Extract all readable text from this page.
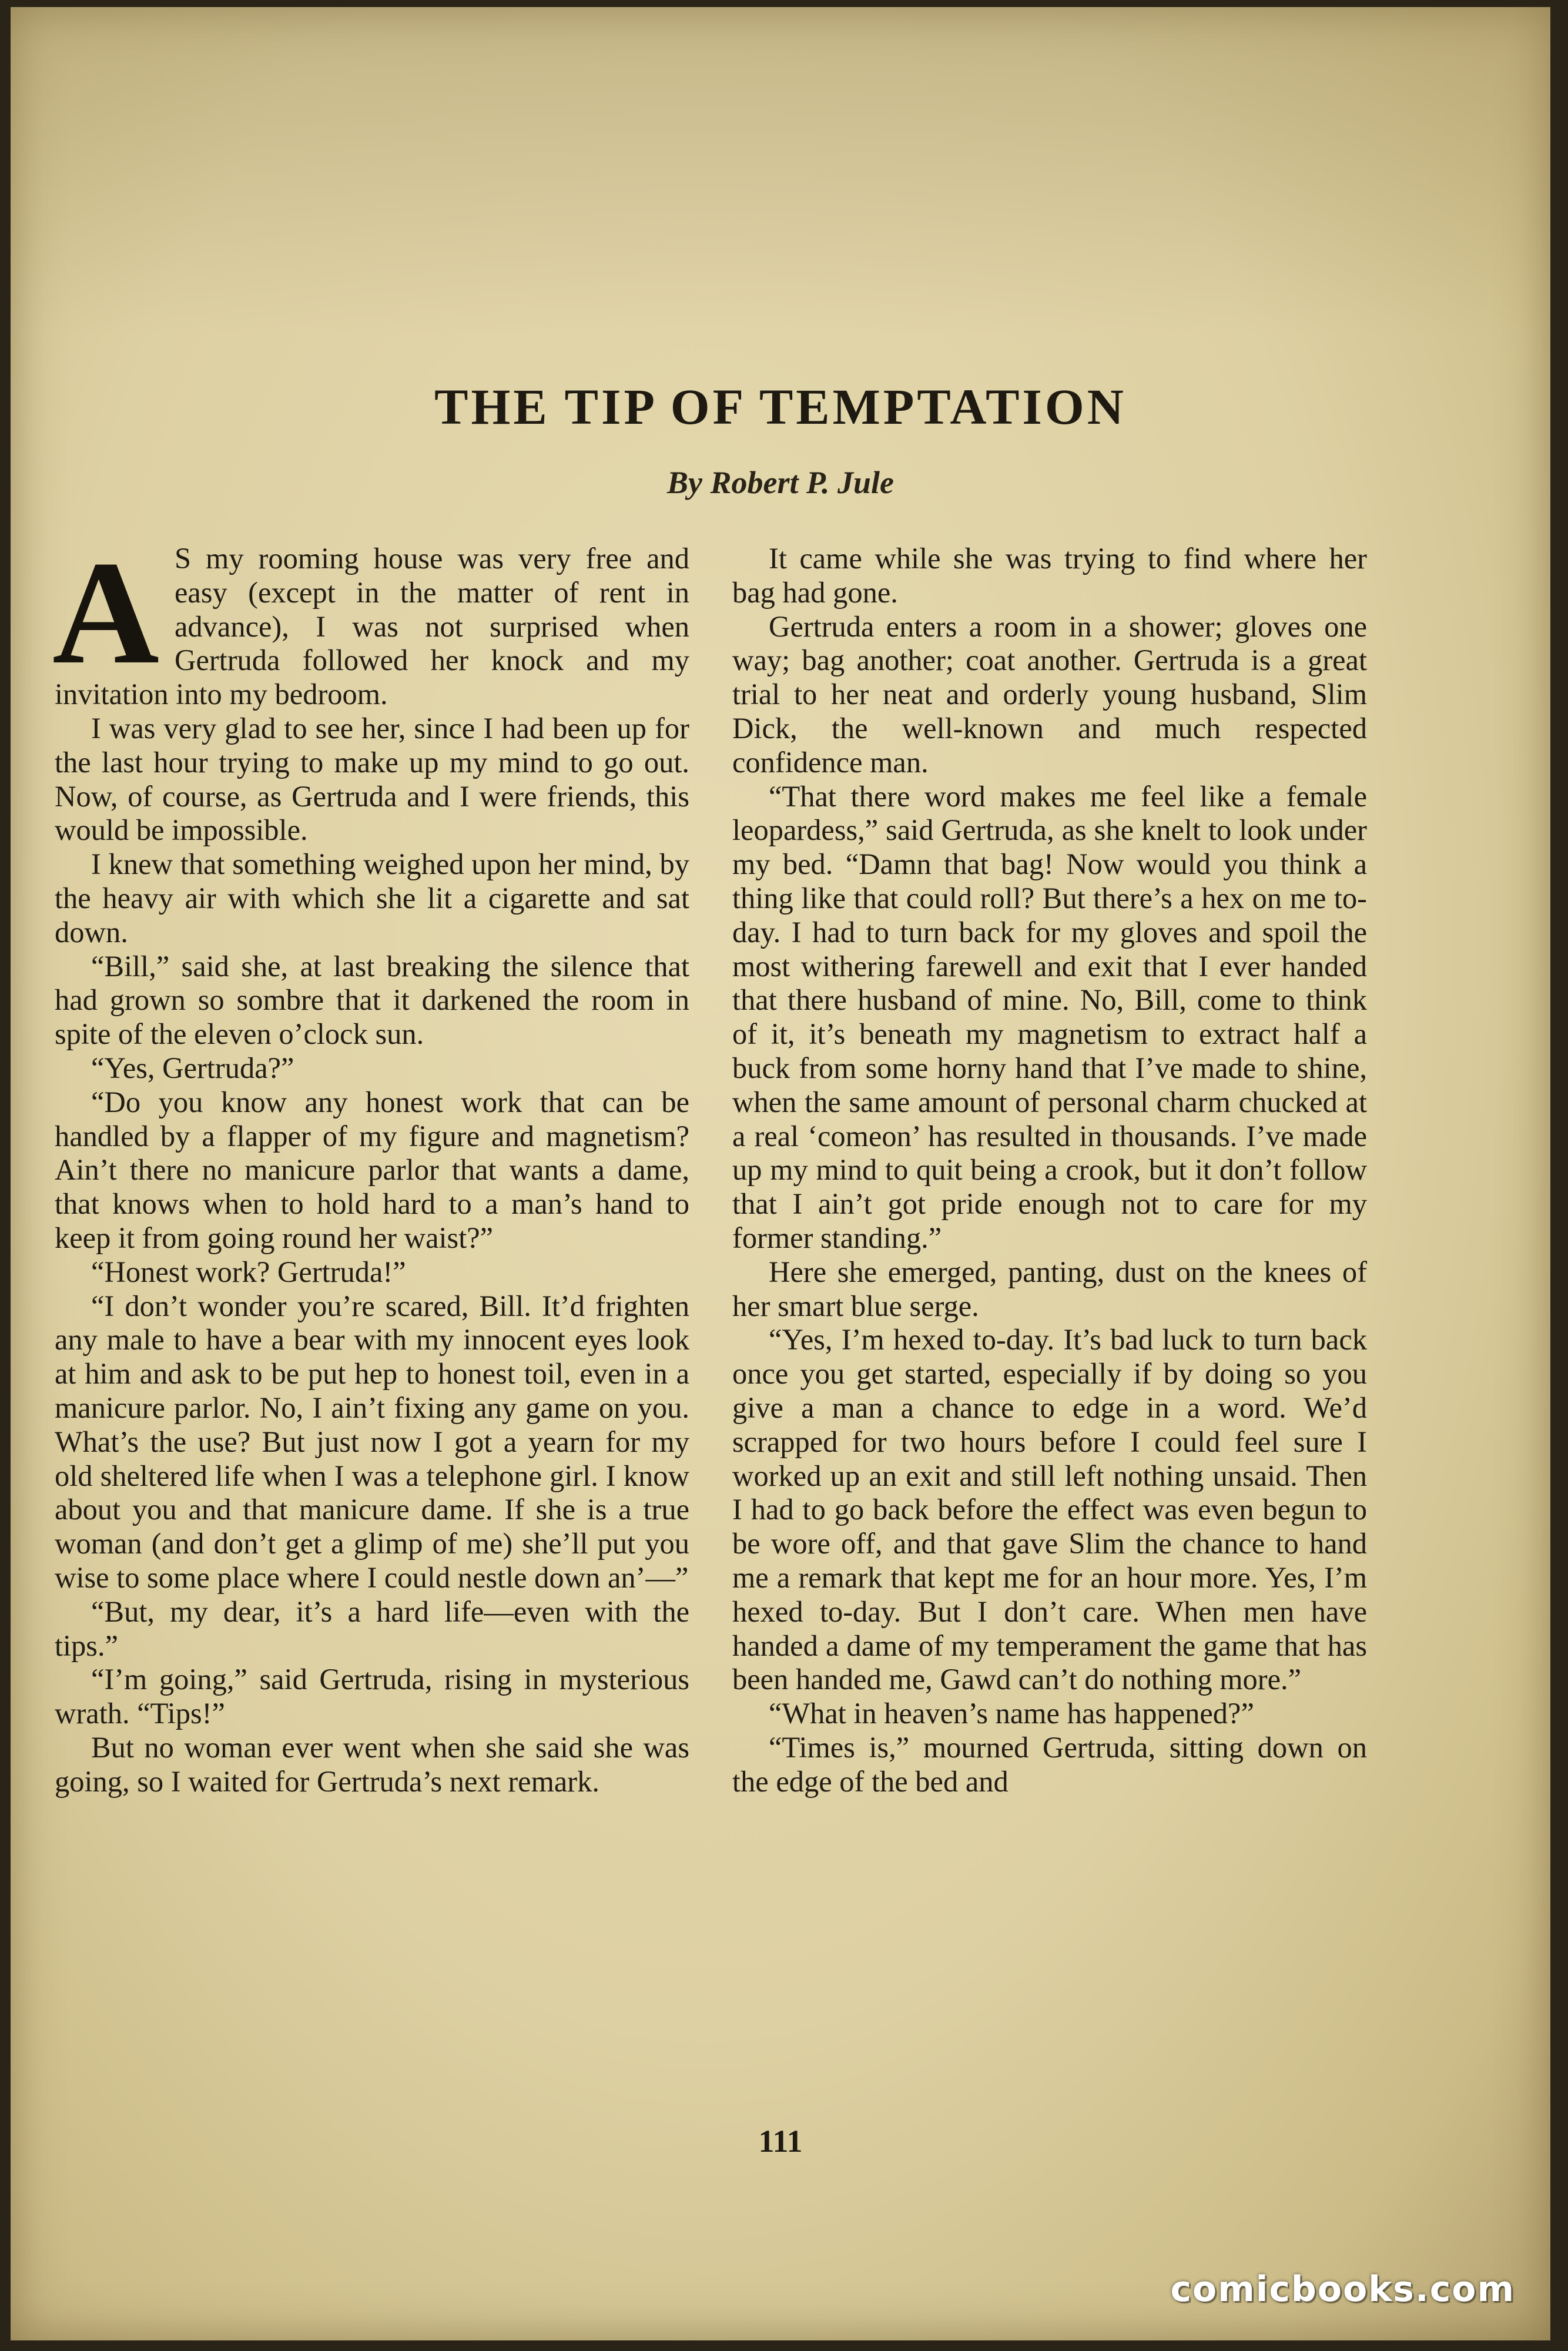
THE TIP OF TEMPTATION
By Robert P. Jule
A S my rooming house was very free and easy (except in the matter of rent in advance), I was not surprised when Gertruda followed her knock and my invitation into my bedroom.

I was very glad to see her, since I had been up for the last hour trying to make up my mind to go out. Now, of course, as Gertruda and I were friends, this would be impossible.

I knew that something weighed upon her mind, by the heavy air with which she lit a cigarette and sat down.

“Bill,” said she, at last breaking the silence that had grown so sombre that it darkened the room in spite of the eleven o’clock sun.

“Yes, Gertruda?”

“Do you know any honest work that can be handled by a flapper of my figure and magnetism? Ain’t there no manicure parlor that wants a dame, that knows when to hold hard to a man’s hand to keep it from going round her waist?”

“Honest work? Gertruda!”

“I don’t wonder you’re scared, Bill. It’d frighten any male to have a bear with my innocent eyes look at him and ask to be put hep to honest toil, even in a manicure parlor. No, I ain’t fixing any game on you. What’s the use? But just now I got a yearn for my old sheltered life when I was a telephone girl. I know about you and that manicure dame. If she is a true woman (and don’t get a glimp of me) she’ll put you wise to some place where I could nestle down an’—”

“But, my dear, it’s a hard life—even with the tips.”

“I’m going,” said Gertruda, rising in mysterious wrath. “Tips!”

But no woman ever went when she said she was going, so I waited for Gertruda’s next remark.

It came while she was trying to find where her bag had gone.

Gertruda enters a room in a shower; gloves one way; bag another; coat another. Gertruda is a great trial to her neat and orderly young husband, Slim Dick, the well-known and much respected confidence man.

“That there word makes me feel like a female leopardess,” said Gertruda, as she knelt to look under my bed. “Damn that bag! Now would you think a thing like that could roll? But there’s a hex on me to-day. I had to turn back for my gloves and spoil the most withering farewell and exit that I ever handed that there husband of mine. No, Bill, come to think of it, it’s beneath my magnetism to extract half a buck from some horny hand that I’ve made to shine, when the same amount of personal charm chucked at a real ‘comeon’ has resulted in thousands. I’ve made up my mind to quit being a crook, but it don’t follow that I ain’t got pride enough not to care for my former standing.”

Here she emerged, panting, dust on the knees of her smart blue serge.

“Yes, I’m hexed to-day. It’s bad luck to turn back once you get started, especially if by doing so you give a man a chance to edge in a word. We’d scrapped for two hours before I could feel sure I worked up an exit and still left nothing unsaid. Then I had to go back before the effect was even begun to be wore off, and that gave Slim the chance to hand me a remark that kept me for an hour more. Yes, I’m hexed to-day. But I don’t care. When men have handed a dame of my temperament the game that has been handed me, Gawd can’t do nothing more.”

“What in heaven’s name has happened?”

“Times is,” mourned Gertruda, sitting down on the edge of the bed and

111
comicbooks.com
